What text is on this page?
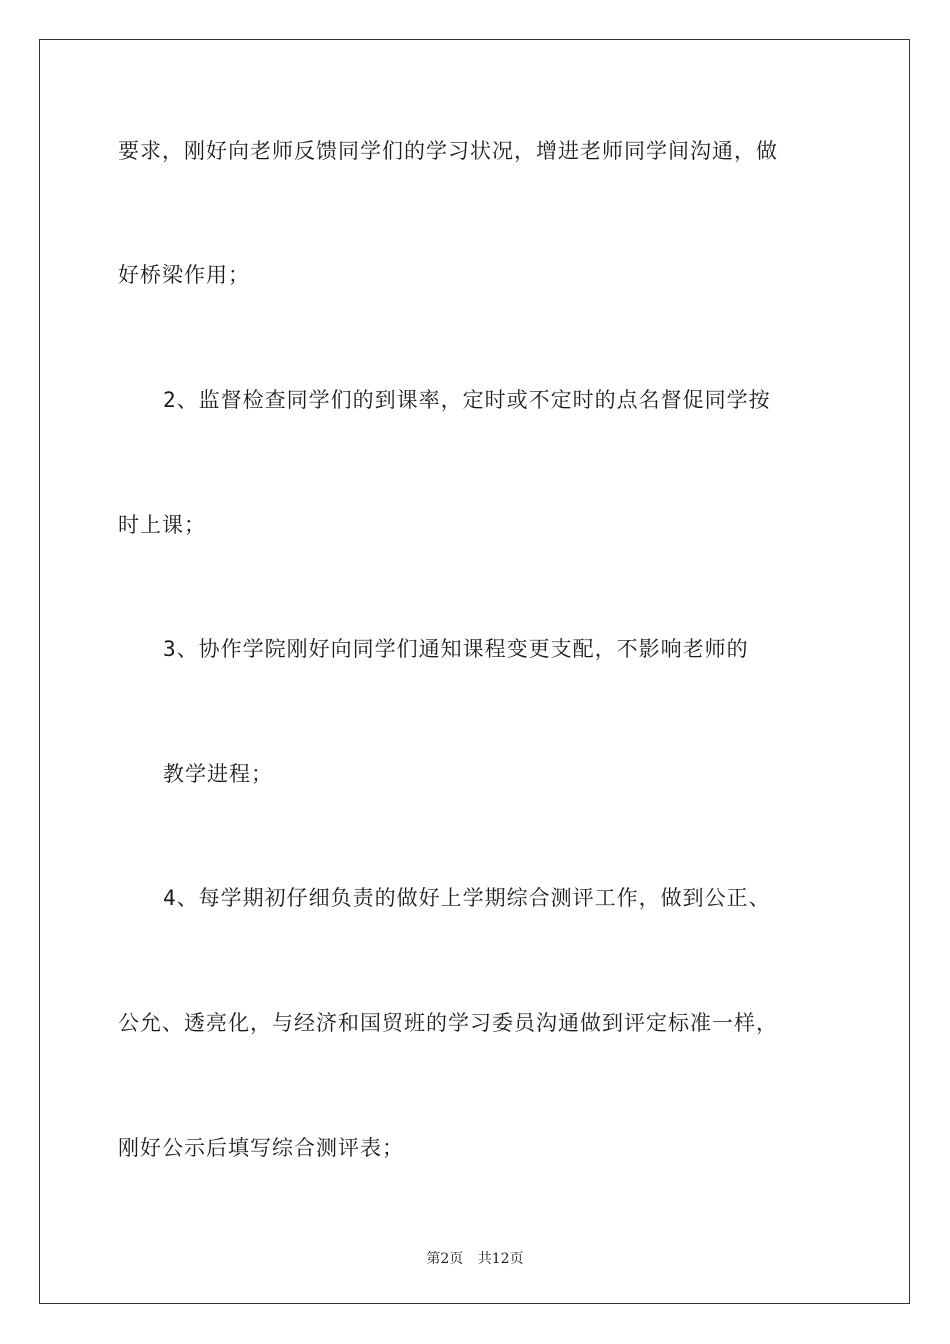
要求，刚好向老师反馈同学们的学习状况，增进老师同学间沟通，做
好桥梁作用；
2、监督检查同学们的到课率，定时或不定时的点名督促同学按
时上课；
3、协作学院刚好向同学们通知课程变更支配，不影响老师的
教学进程；
4、每学期初仔细负责的做好上学期综合测评工作，做到公正、
公允、透亮化，与经济和国贸班的学习委员沟通做到评定标准一样，
刚好公示后填写综合测评表；
第2页 共12页
